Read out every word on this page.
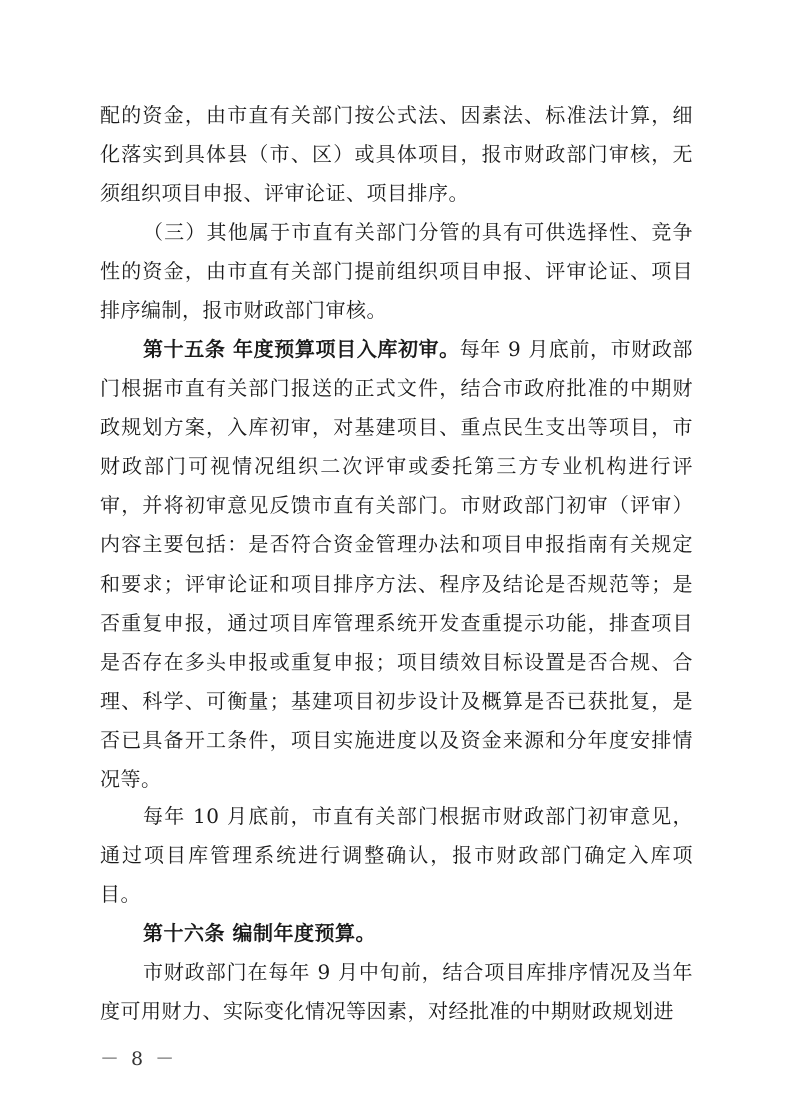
配的资金，由市直有关部门按公式法、因素法、标准法计算，细化落实到具体县（市、区）或具体项目，报市财政部门审核，无须组织项目申报、评审论证、项目排序。

（三）其他属于市直有关部门分管的具有可供选择性、竞争性的资金，由市直有关部门提前组织项目申报、评审论证、项目排序编制，报市财政部门审核。

第十五条 年度预算项目入库初审。每年 9 月底前，市财政部门根据市直有关部门报送的正式文件，结合市政府批准的中期财政规划方案，入库初审，对基建项目、重点民生支出等项目，市财政部门可视情况组织二次评审或委托第三方专业机构进行评审，并将初审意见反馈市直有关部门。市财政部门初审（评审）内容主要包括：是否符合资金管理办法和项目申报指南有关规定和要求；评审论证和项目排序方法、程序及结论是否规范等；是否重复申报，通过项目库管理系统开发查重提示功能，排查项目是否存在多头申报或重复申报；项目绩效目标设置是否合规、合理、科学、可衡量；基建项目初步设计及概算是否已获批复，是否已具备开工条件，项目实施进度以及资金来源和分年度安排情况等。

每年 10 月底前，市直有关部门根据市财政部门初审意见，通过项目库管理系统进行调整确认，报市财政部门确定入库项目。

第十六条 编制年度预算。

市财政部门在每年 9 月中旬前，结合项目库排序情况及当年度可用财力、实际变化情况等因素，对经批准的中期财政规划进

－ 8 －
